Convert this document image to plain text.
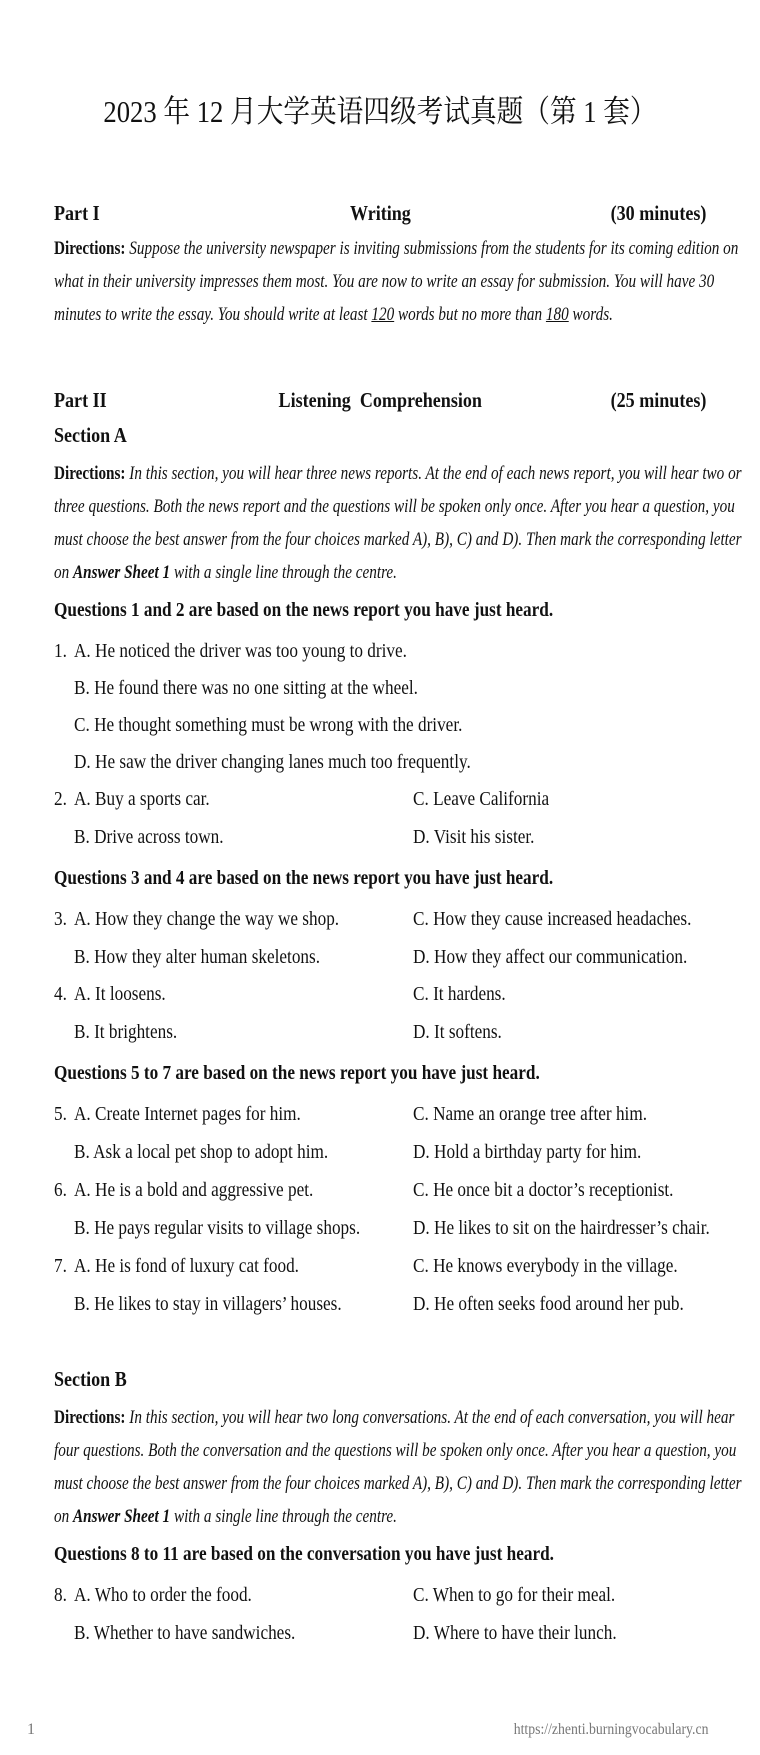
2023 年 12 月大学英语四级考试真题（第 1 套）
Part I	Writing	(30 minutes)
Directions: Suppose the university newspaper is inviting submissions from the students for its coming edition on
what in their university impresses them most. You are now to write an essay for submission. You will have 30
minutes to write the essay. You should write at least 120 words but no more than 180 words.
Part II	Listening  Comprehension	(25 minutes)
Section A
Directions: In this section, you will hear three news reports. At the end of each news report, you will hear two or
three questions. Both the news report and the questions will be spoken only once. After you hear a question, you
must choose the best answer from the four choices marked A), B), C) and D). Then mark the corresponding letter
on Answer Sheet 1 with a single line through the centre.
Questions 1 and 2 are based on the news report you have just heard.
1. A. He noticed the driver was too young to drive.
B. He found there was no one sitting at the wheel.
C. He thought something must be wrong with the driver.
D. He saw the driver changing lanes much too frequently.
2. A. Buy a sports car.	C. Leave California
B. Drive across town.	D. Visit his sister.
Questions 3 and 4 are based on the news report you have just heard.
3. A. How they change the way we shop.	C. How they cause increased headaches.
B. How they alter human skeletons.	D. How they affect our communication.
4. A. It loosens.	C. It hardens.
B. It brightens.	D. It softens.
Questions 5 to 7 are based on the news report you have just heard.
5. A. Create Internet pages for him.	C. Name an orange tree after him.
B. Ask a local pet shop to adopt him.	D. Hold a birthday party for him.
6. A. He is a bold and aggressive pet.	C. He once bit a doctor’s receptionist.
B. He pays regular visits to village shops.	D. He likes to sit on the hairdresser’s chair.
7. A. He is fond of luxury cat food.	C. He knows everybody in the village.
B. He likes to stay in villagers’ houses.	D. He often seeks food around her pub.
Section B
Directions: In this section, you will hear two long conversations. At the end of each conversation, you will hear
four questions. Both the conversation and the questions will be spoken only once. After you hear a question, you
must choose the best answer from the four choices marked A), B), C) and D). Then mark the corresponding letter
on Answer Sheet 1 with a single line through the centre.
Questions 8 to 11 are based on the conversation you have just heard.
8. A. Who to order the food.	C. When to go for their meal.
B. Whether to have sandwiches.	D. Where to have their lunch.
1	https://zhenti.burningvocabulary.cn
